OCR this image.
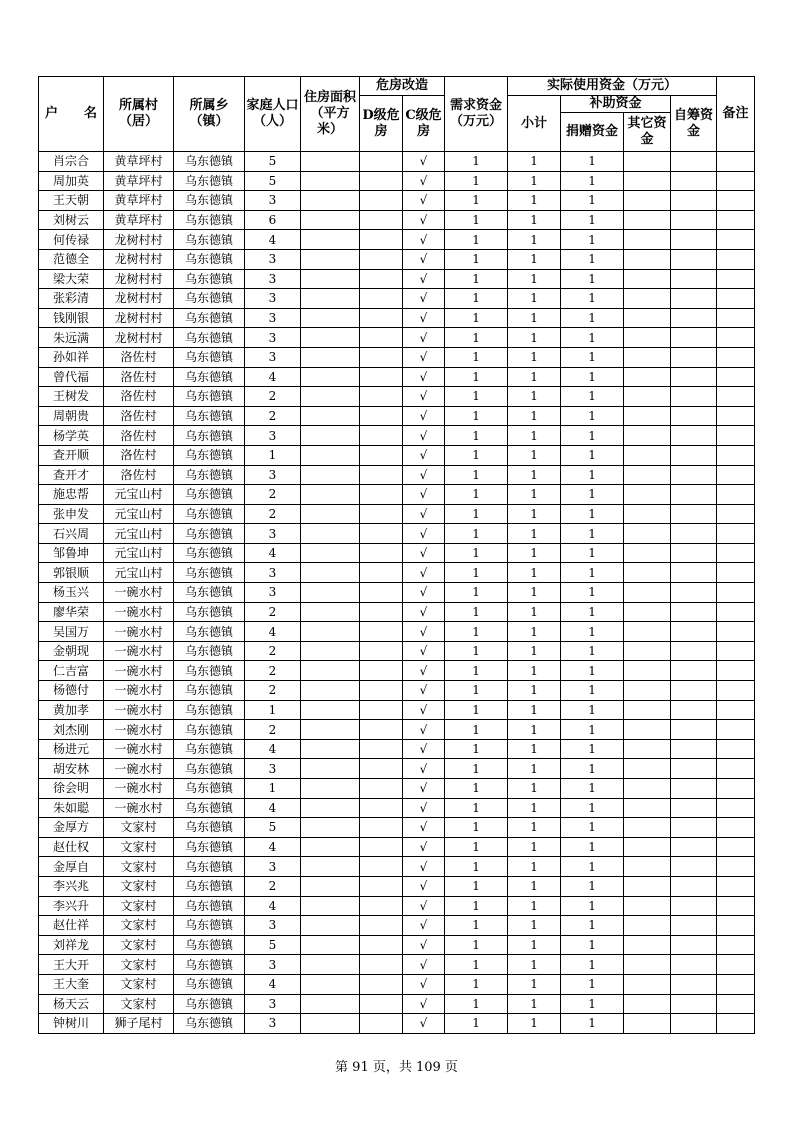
户 名	所属村（居）	所属乡（镇）	家庭人口（人）	住房面积（平方米）	危房改造		需求资金（万元）	实际使用资金（万元）				备注
					D级危房	C级危房		小计	补助资金		自筹资金	
									捐赠资金	其它资金		
肖宗合	黄草坪村	乌东德镇	5			√	1	1	1			
周加英	黄草坪村	乌东德镇	5			√	1	1	1			
王天朝	黄草坪村	乌东德镇	3			√	1	1	1			
刘树云	黄草坪村	乌东德镇	6			√	1	1	1			
何传禄	龙树村村	乌东德镇	4			√	1	1	1			
范德全	龙树村村	乌东德镇	3			√	1	1	1			
梁大荣	龙树村村	乌东德镇	3			√	1	1	1			
张彩清	龙树村村	乌东德镇	3			√	1	1	1			
钱刚银	龙树村村	乌东德镇	3			√	1	1	1			
朱远满	龙树村村	乌东德镇	3			√	1	1	1			
孙如祥	洛佐村	乌东德镇	3			√	1	1	1			
曾代福	洛佐村	乌东德镇	4			√	1	1	1			
王树发	洛佐村	乌东德镇	2			√	1	1	1			
周朝贵	洛佐村	乌东德镇	2			√	1	1	1			
杨学英	洛佐村	乌东德镇	3			√	1	1	1			
查开顺	洛佐村	乌东德镇	1			√	1	1	1			
查开才	洛佐村	乌东德镇	3			√	1	1	1			
施忠帮	元宝山村	乌东德镇	2			√	1	1	1			
张申发	元宝山村	乌东德镇	2			√	1	1	1			
石兴周	元宝山村	乌东德镇	3			√	1	1	1			
邹鲁坤	元宝山村	乌东德镇	4			√	1	1	1			
郭银顺	元宝山村	乌东德镇	3			√	1	1	1			
杨玉兴	一碗水村	乌东德镇	3			√	1	1	1			
廖华荣	一碗水村	乌东德镇	2			√	1	1	1			
吴国万	一碗水村	乌东德镇	4			√	1	1	1			
金朝现	一碗水村	乌东德镇	2			√	1	1	1			
仁吉富	一碗水村	乌东德镇	2			√	1	1	1			
杨德付	一碗水村	乌东德镇	2			√	1	1	1			
黄加孝	一碗水村	乌东德镇	1			√	1	1	1			
刘杰刚	一碗水村	乌东德镇	2			√	1	1	1			
杨进元	一碗水村	乌东德镇	4			√	1	1	1			
胡安林	一碗水村	乌东德镇	3			√	1	1	1			
徐会明	一碗水村	乌东德镇	1			√	1	1	1			
朱如聪	一碗水村	乌东德镇	4			√	1	1	1			
金厚方	文家村	乌东德镇	5			√	1	1	1			
赵仕权	文家村	乌东德镇	4			√	1	1	1			
金厚自	文家村	乌东德镇	3			√	1	1	1			
李兴兆	文家村	乌东德镇	2			√	1	1	1			
李兴升	文家村	乌东德镇	4			√	1	1	1			
赵仕祥	文家村	乌东德镇	3			√	1	1	1			
刘祥龙	文家村	乌东德镇	5			√	1	1	1			
王大开	文家村	乌东德镇	3			√	1	1	1			
王大奎	文家村	乌东德镇	4			√	1	1	1			
杨天云	文家村	乌东德镇	3			√	1	1	1			
钟树川	狮子尾村	乌东德镇	3			√	1	1	1			
第 91 页，共 109 页
